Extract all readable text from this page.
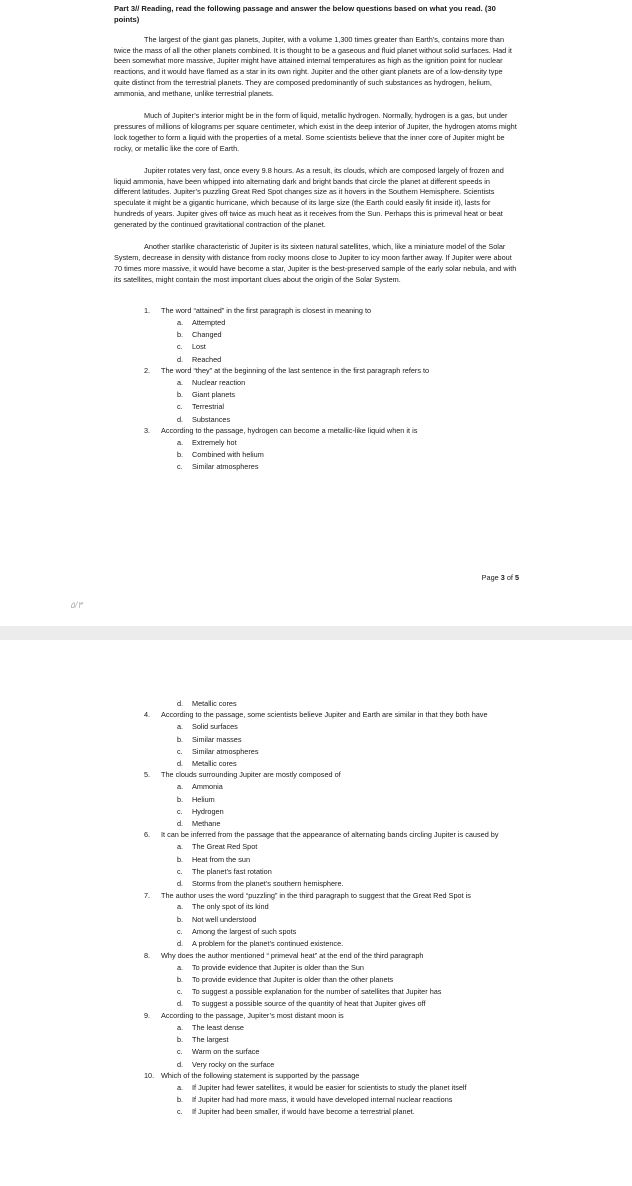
Part 3// Reading, read the following passage and answer the below questions based on what you read. (30 points)

The largest of the giant gas planets, Jupiter, with a volume 1,300 times greater than Earth’s, contains more than twice the mass of all the other planets combined. It is thought to be a gaseous and fluid planet without solid surfaces. Had it been somewhat more massive, Jupiter might have attained internal temperatures as high as the ignition point for nuclear reactions, and it would have flamed as a star in its own right. Jupiter and the other giant planets are of a low-density type quite distinct from the terrestrial planets. They are composed predominantly of such substances as hydrogen, helium, ammonia, and methane, unlike terrestrial planets.

Much of Jupiter’s interior might be in the form of liquid, metallic hydrogen. Normally, hydrogen is a gas, but under pressures of millions of kilograms per square centimeter, which exist in the deep interior of Jupiter, the hydrogen atoms might lock together to form a liquid with the properties of a metal. Some scientists believe that the inner core of Jupiter might be rocky, or metallic like the core of Earth.

Jupiter rotates very fast, once every 9.8 hours. As a result, its clouds, which are composed largely of frozen and liquid ammonia, have been whipped into alternating dark and bright bands that circle the planet at different speeds in different latitudes. Jupiter’s puzzling Great Red Spot changes size as it hovers in the Southern Hemisphere. Scientists speculate it might be a gigantic hurricane, which because of its large size (the Earth could easily fit inside it), lasts for hundreds of years. Jupiter gives off twice as much heat as it receives from the Sun. Perhaps this is primeval heat or beat generated by the continued gravitational contraction of the planet.

Another starlike characteristic of Jupiter is its sixteen natural satellites, which, like a miniature model of the Solar System, decrease in density with distance from rocky moons close to Jupiter to icy moon farther away. If Jupiter were about 70 times more massive, it would have become a star, Jupiter is the best-preserved sample of the early solar nebula, and with its satellites, might contain the most important clues about the origin of the Solar System.

1. The word “attained” in the first paragraph is closest in meaning to
a. Attempted
b. Changed
c. Lost
d. Reached
2. The word “they” at the beginning of the last sentence in the first paragraph refers to
a. Nuclear reaction
b. Giant planets
c. Terrestrial
d. Substances
3. According to the passage, hydrogen can become a metallic-like liquid when it is
a. Extremely hot
b. Combined with helium
c. Similar atmospheres
Page 3 of 5
٥/٣
d. Metallic cores
4. According to the passage, some scientists believe Jupiter and Earth are similar in that they both have
a. Solid surfaces
b. Similar masses
c. Similar atmospheres
d. Metallic cores
5. The clouds surrounding Jupiter are mostly composed of
a. Ammonia
b. Helium
c. Hydrogen
d. Methane
6. It can be inferred from the passage that the appearance of alternating bands circling Jupiter is caused by
a. The Great Red Spot
b. Heat from the sun
c. The planet’s fast rotation
d. Storms from the planet’s southern hemisphere.
7. The author uses the word “puzzling” in the third paragraph to suggest that the Great Red Spot is
a. The only spot of its kind
b. Not well understood
c. Among the largest of such spots
d. A problem for the planet’s continued existence.
8. Why does the author mentioned “ primeval heat” at the end of the third paragraph
a. To provide evidence that Jupiter is older than the Sun
b. To provide evidence that Jupiter is older than the other planets
c. To suggest a possible explanation for the number of satellites that Jupiter has
d. To suggest a possible source of the quantity of heat that Jupiter gives off
9. According to the passage, Jupiter’s most distant moon is
a. The least dense
b. The largest
c. Warm on the surface
d. Very rocky on the surface
10. Which of the following statement is supported by the passage
a. If Jupiter had fewer satellites, it would be easier for scientists to study the planet itself
b. If Jupiter had had more mass, it would have developed internal nuclear reactions
c. If Jupiter had been smaller, if would have become a terrestrial planet.
